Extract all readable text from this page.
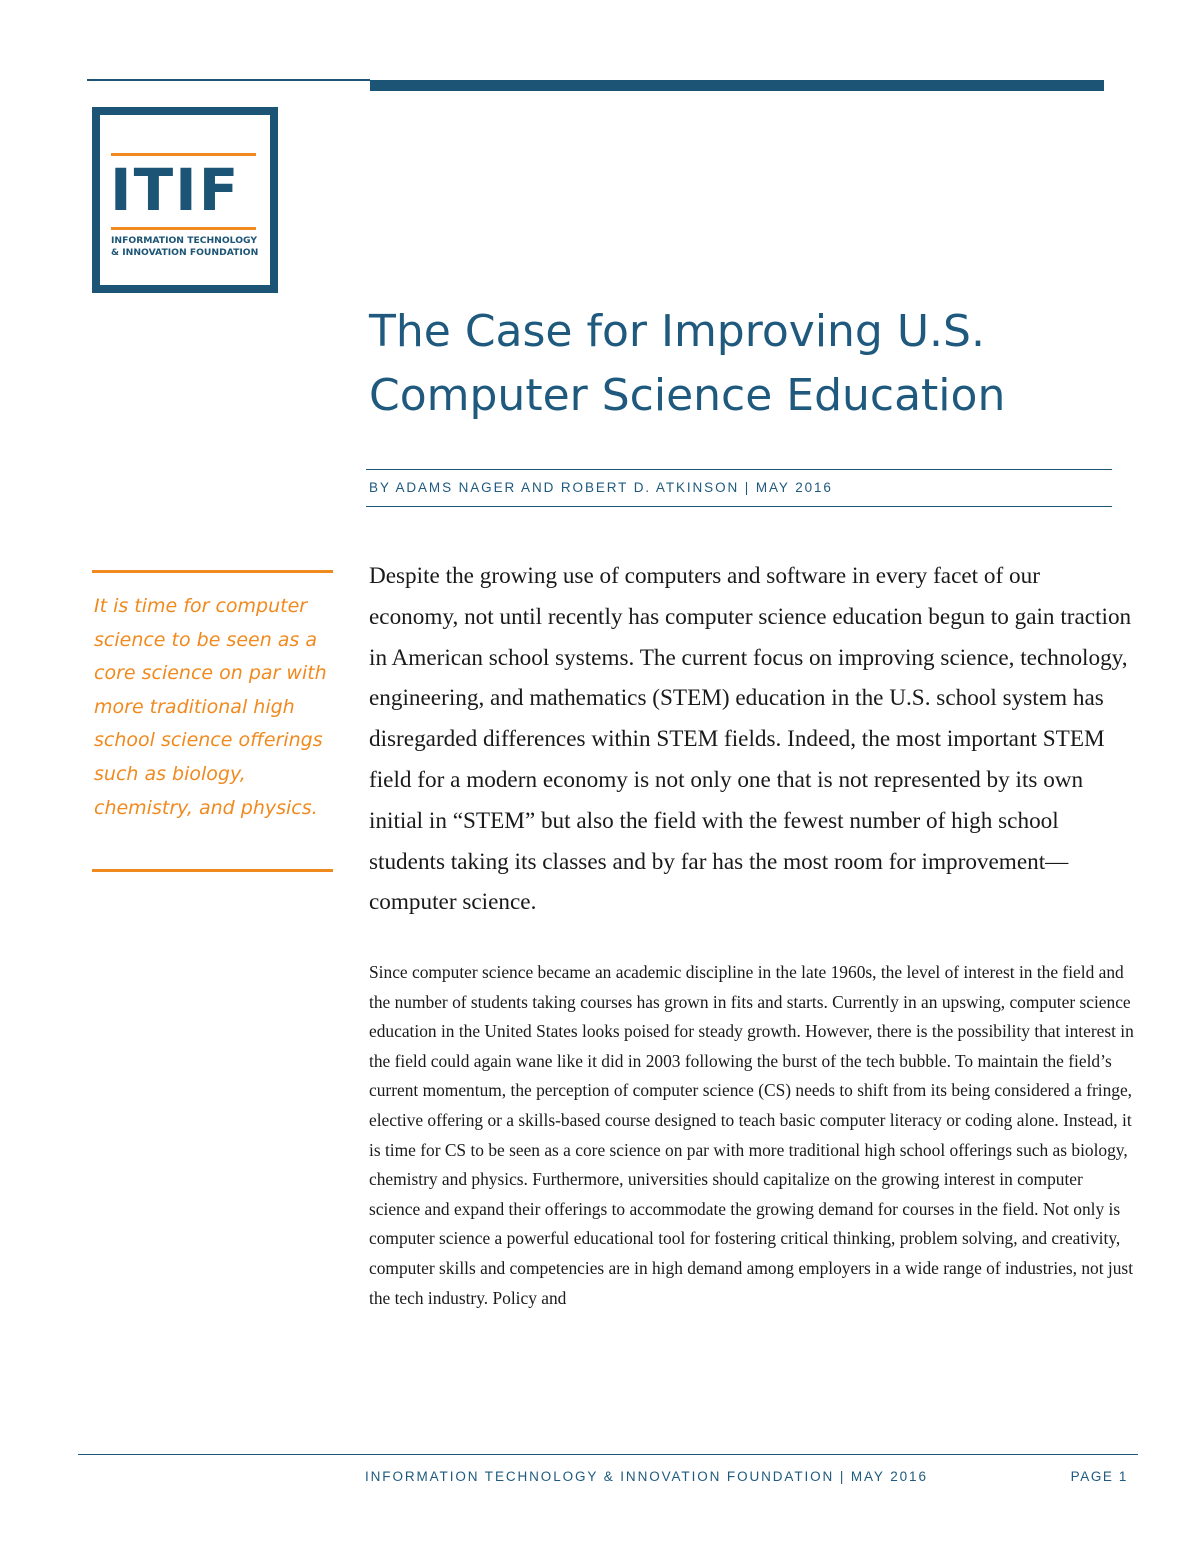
ITIF
INFORMATION TECHNOLOGY
& INNOVATION FOUNDATION
The Case for Improving U.S.
Computer Science Education
BY ADAMS NAGER AND ROBERT D. ATKINSON | MAY 2016

It is time for computer science to be seen as a core science on par with more traditional high school science offerings such as biology, chemistry, and physics.

Despite the growing use of computers and software in every facet of our economy, not until recently has computer science education begun to gain traction in American school systems. The current focus on improving science, technology, engineering, and mathematics (STEM) education in the U.S. school system has disregarded differences within STEM fields. Indeed, the most important STEM field for a modern economy is not only one that is not represented by its own initial in “STEM” but also the field with the fewest number of high school students taking its classes and by far has the most room for improvement—computer science.

Since computer science became an academic discipline in the late 1960s, the level of interest in the field and the number of students taking courses has grown in fits and starts. Currently in an upswing, computer science education in the United States looks poised for steady growth. However, there is the possibility that interest in the field could again wane like it did in 2003 following the burst of the tech bubble. To maintain the field’s current momentum, the perception of computer science (CS) needs to shift from its being considered a fringe, elective offering or a skills-based course designed to teach basic computer literacy or coding alone. Instead, it is time for CS to be seen as a core science on par with more traditional high school offerings such as biology, chemistry and physics. Furthermore, universities should capitalize on the growing interest in computer science and expand their offerings to accommodate the growing demand for courses in the field. Not only is computer science a powerful educational tool for fostering critical thinking, problem solving, and creativity, computer skills and competencies are in high demand among employers in a wide range of industries, not just the tech industry. Policy and

INFORMATION TECHNOLOGY & INNOVATION FOUNDATION | MAY 2016	PAGE 1
